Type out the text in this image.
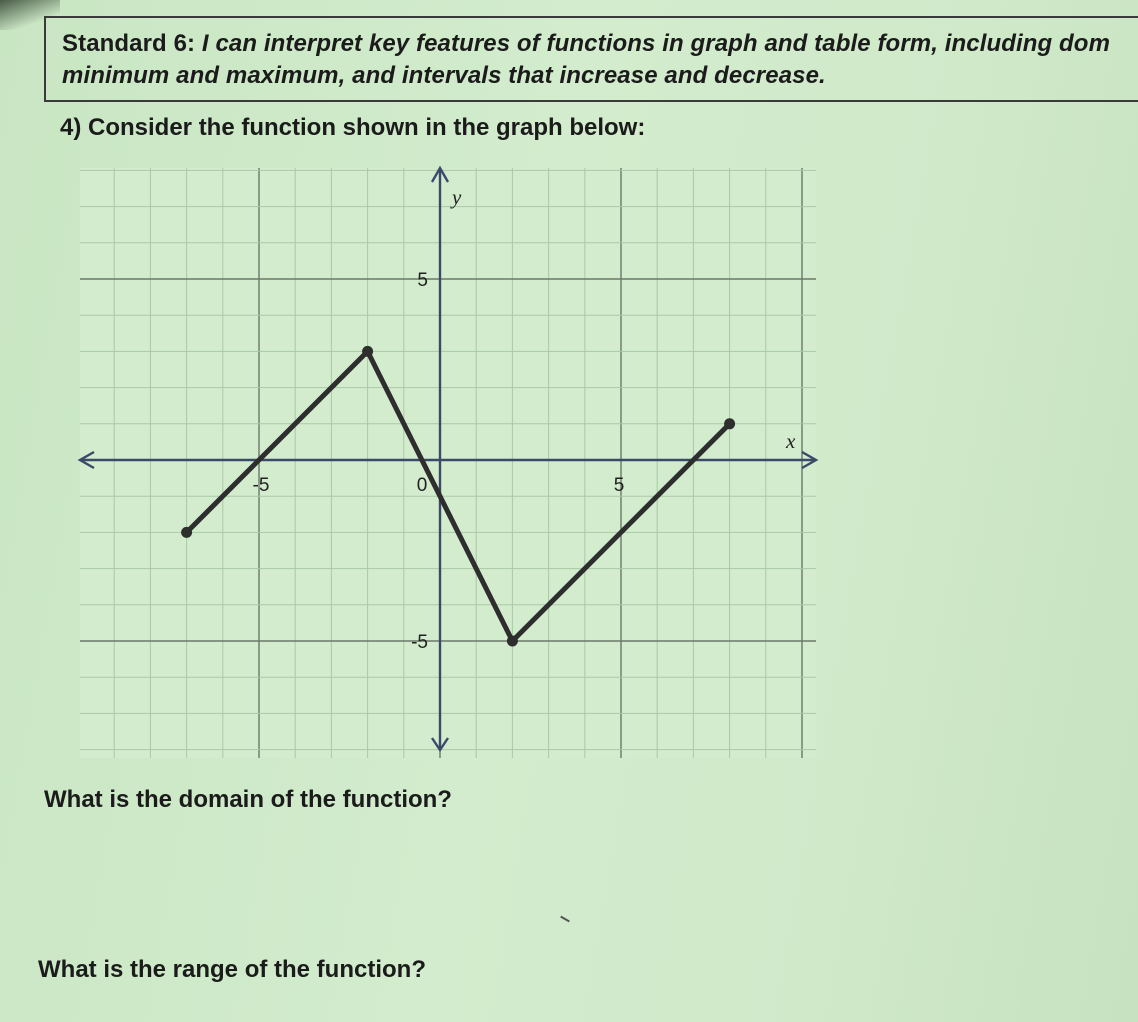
Standard 6: I can interpret key features of functions in graph and table form, including dom
minimum and maximum, and intervals that increase and decrease.
4) Consider the function shown in the graph below:
-5	0	5
5
-5
x
y
What is the domain of the function?
What is the range of the function?
